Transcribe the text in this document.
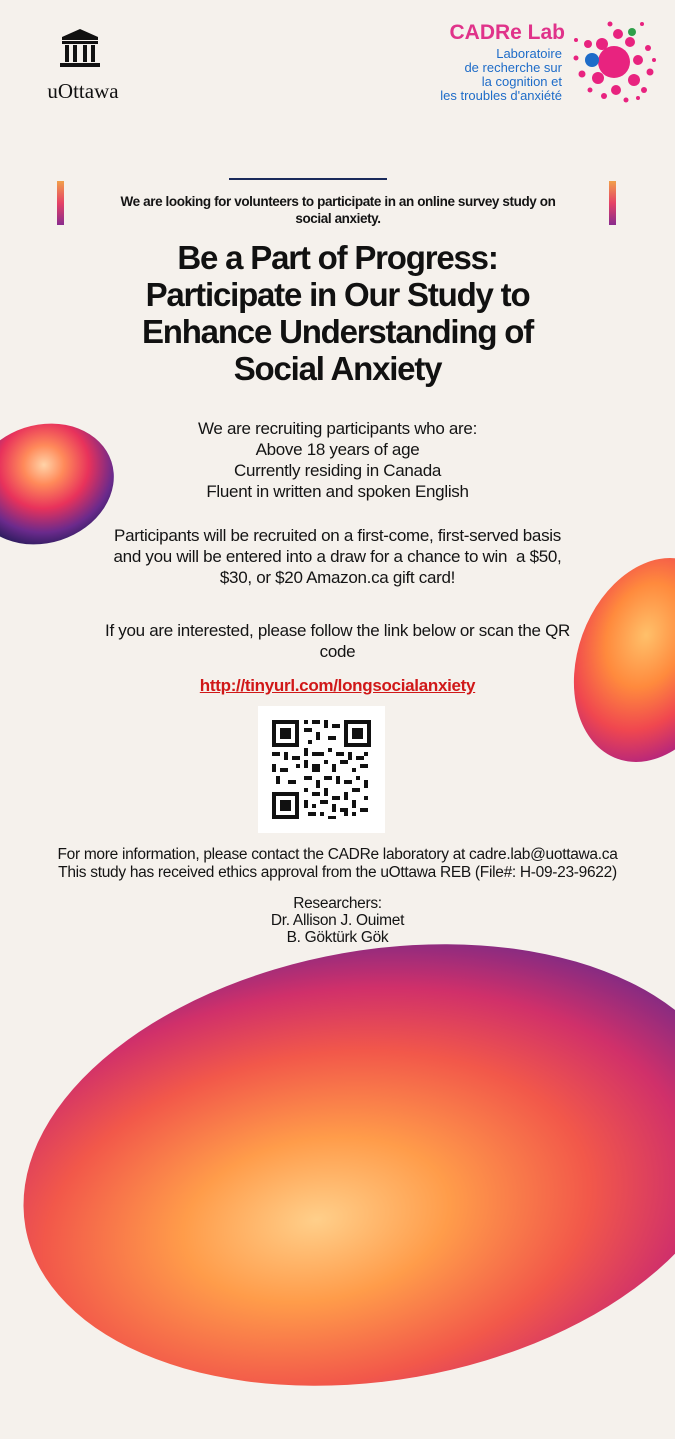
uOttawa
CADRe Lab
Laboratoire
de recherche sur
la cognition et
les troubles d'anxiété
We are looking for volunteers to participate in an online survey study on
social anxiety.
Be a Part of Progress:
Participate in Our Study to
Enhance Understanding of
Social Anxiety
We are recruiting participants who are:
Above 18 years of age
Currently residing in Canada
Fluent in written and spoken English
Participants will be recruited on a first-come, first-served basis
and you will be entered into a draw for a chance to win  a $50,
$30, or $20 Amazon.ca gift card!
If you are interested, please follow the link below or scan the QR
code
http://tinyurl.com/longsocialanxiety
For more information, please contact the CADRe laboratory at cadre.lab@uottawa.ca
This study has received ethics approval from the uOttawa REB (File#: H-09-23-9622)
Researchers:
Dr. Allison J. Ouimet
B. Göktürk Gök
